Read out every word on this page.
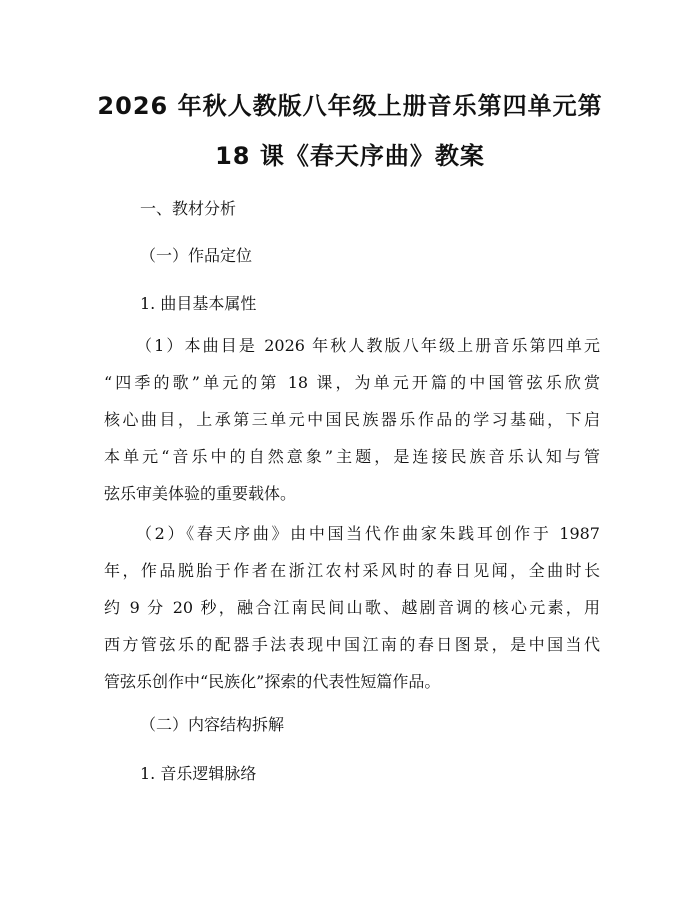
2026 年秋人教版八年级上册音乐第四单元第
18 课《春天序曲》教案
一、教材分析
（一）作品定位
1. 曲目基本属性
（1）本曲目是 2026 年秋人教版八年级上册音乐第四单元
“四季的歌”单元的第 18 课，为单元开篇的中国管弦乐欣赏
核心曲目，上承第三单元中国民族器乐作品的学习基础，下启
本单元“音乐中的自然意象”主题，是连接民族音乐认知与管
弦乐审美体验的重要载体。
（2）《春天序曲》由中国当代作曲家朱践耳创作于 1987
年，作品脱胎于作者在浙江农村采风时的春日见闻，全曲时长
约 9 分 20 秒，融合江南民间山歌、越剧音调的核心元素，用
西方管弦乐的配器手法表现中国江南的春日图景，是中国当代
管弦乐创作中“民族化”探索的代表性短篇作品。
（二）内容结构拆解
1. 音乐逻辑脉络
